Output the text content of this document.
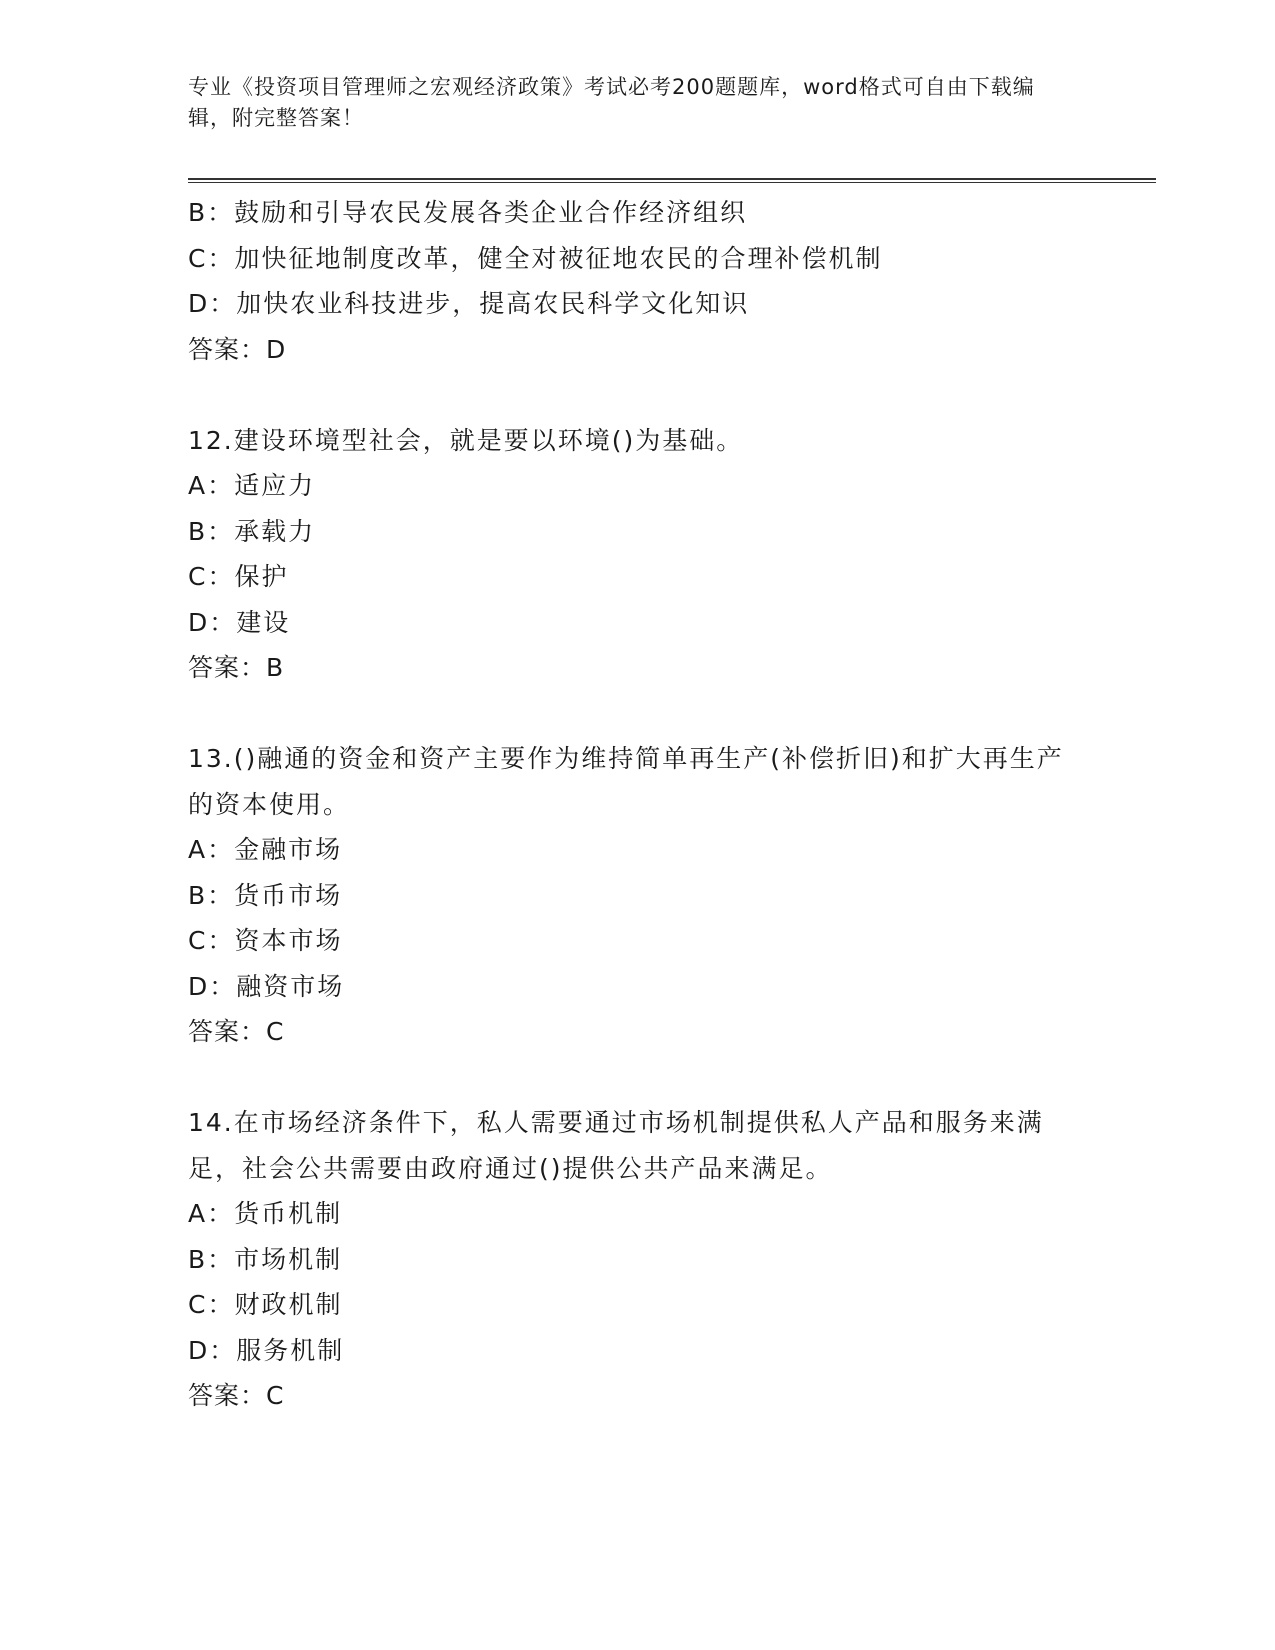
专业《投资项目管理师之宏观经济政策》考试必考200题题库，word格式可自由下载编辑，附完整答案！
B：鼓励和引导农民发展各类企业合作经济组织
C：加快征地制度改革，健全对被征地农民的合理补偿机制
D：加快农业科技进步，提高农民科学文化知识
答案：D
12.建设环境型社会，就是要以环境()为基础。
A：适应力
B：承载力
C：保护
D：建设
答案：B
13.()融通的资金和资产主要作为维持简单再生产(补偿折旧)和扩大再生产的资本使用。
A：金融市场
B：货币市场
C：资本市场
D：融资市场
答案：C
14.在市场经济条件下，私人需要通过市场机制提供私人产品和服务来满足，社会公共需要由政府通过()提供公共产品来满足。
A：货币机制
B：市场机制
C：财政机制
D：服务机制
答案：C
